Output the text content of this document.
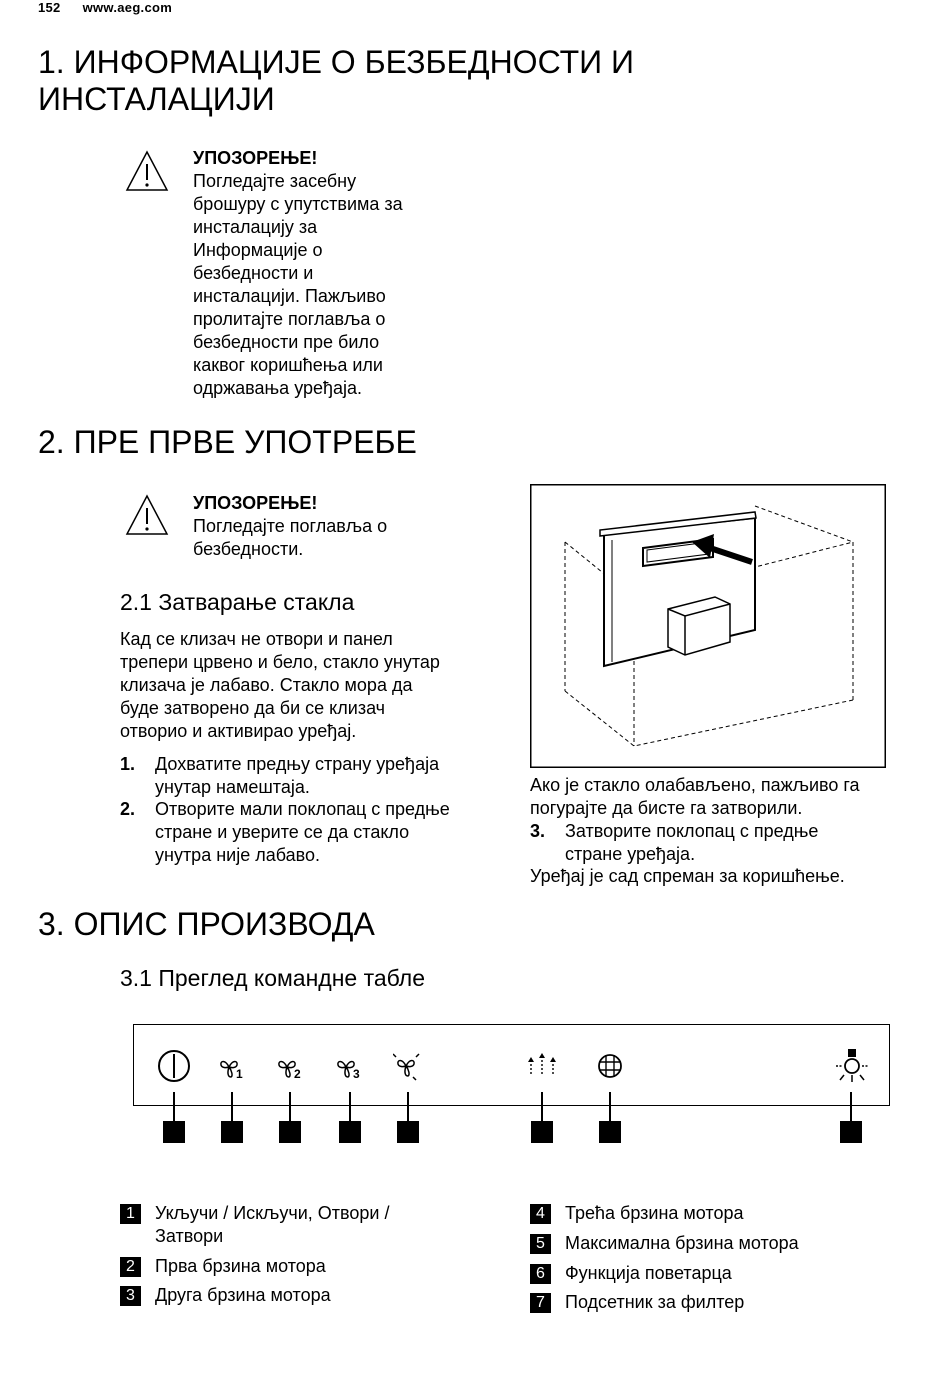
152 www.aeg.com
1. ИНФОРМАЦИЈЕ О БЕЗБЕДНОСТИ И
ИНСТАЛАЦИЈИ
УПОЗОРЕЊЕ!
Погледајте засебну
брошуру с упутствима за
инсталацију за
Информације о
безбедности и
инсталацији. Пажљиво
пролитајте поглавља о
безбедности пре било
каквог коришћења или
одржавања уређаја.
2. ПРЕ ПРВЕ УПОТРЕБЕ
УПОЗОРЕЊЕ!
Погледајте поглавља о
безбедности.
2.1 Затварање стакла
Кад се клизач не отвори и панел
трепери црвено и бело, стакло унутар
клизача је лабаво. Стакло мора да
буде затворено да би се клизач
отворио и активирао уређај.
1. Дохватите предњу страну уређаја
унутар намештаја.
2. Отворите мали поклопац с предње
стране и уверите се да стакло
унутра није лабаво.
Ако је стакло олабављено, пажљиво га
погурајте да бисте га затворили.
3. Затворите поклопац с предње
стране уређаја.
Уређај је сад спреман за коришћење.
3. ОПИС ПРОИЗВОДА
3.1 Преглед командне табле
1	2	3
1	Укључи / Искључи, Отвори /
Затвори
2	Прва брзина мотора
3	Друга брзина мотора
4	Трећа брзина мотора
5	Максимална брзина мотора
6	Функција поветарца
7	Подсетник за филтер
